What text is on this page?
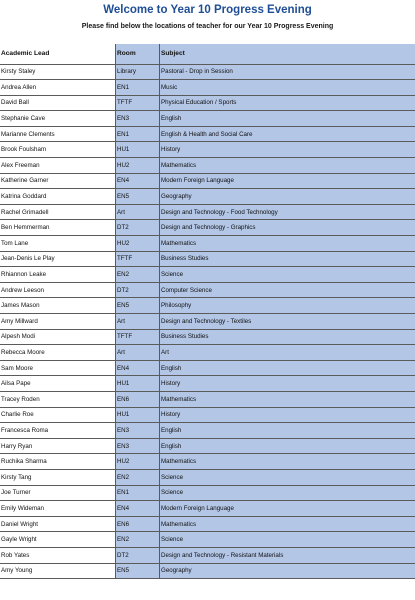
Welcome to Year 10 Progress Evening
Please find below the locations of teacher for our Year 10 Progress Evening
Academic Lead	Room	Subject
Kirsty Staley	Library	Pastoral - Drop in Session
Andrea Allen	EN1	Music
David Ball	TFTF	Physical Education / Sports
Stephanie Cave	EN3	English
Marianne Clements	EN1	English & Health and Social Care
Brook Foulsham	HU1	History
Alex Freeman	HU2	Mathematics
Katherine Garner	EN4	Modern Foreign Language
Katrina Goddard	EN5	Geography
Rachel Grimadell	Art	Design and Technology - Food Technology
Ben Hemmerman	DT2	Design and Technology - Graphics
Tom Lane	HU2	Mathematics
Jean-Denis Le Play	TFTF	Business Studies
Rhiannon Leake	EN2	Science
Andrew Leeson	DT2	Computer Science
James Mason	EN5	Philosophy
Amy Millward	Art	Design and Technology - Textiles
Alpesh Modi	TFTF	Business Studies
Rebecca Moore	Art	Art
Sam Moore	EN4	English
Ailsa Pape	HU1	History
Tracey Roden	EN6	Mathematics
Charlie Roe	HU1	History
Francesca Roma	EN3	English
Harry Ryan	EN3	English
Ruchika Sharma	HU2	Mathematics
Kirsty Tang	EN2	Science
Joe Turner	EN1	Science
Emily Wideman	EN4	Modern Foreign Language
Daniel Wright	EN6	Mathematics
Gayle Wright	EN2	Science
Rob Yates	DT2	Design and Technology - Resistant Materials
Amy Young	EN5	Geography
